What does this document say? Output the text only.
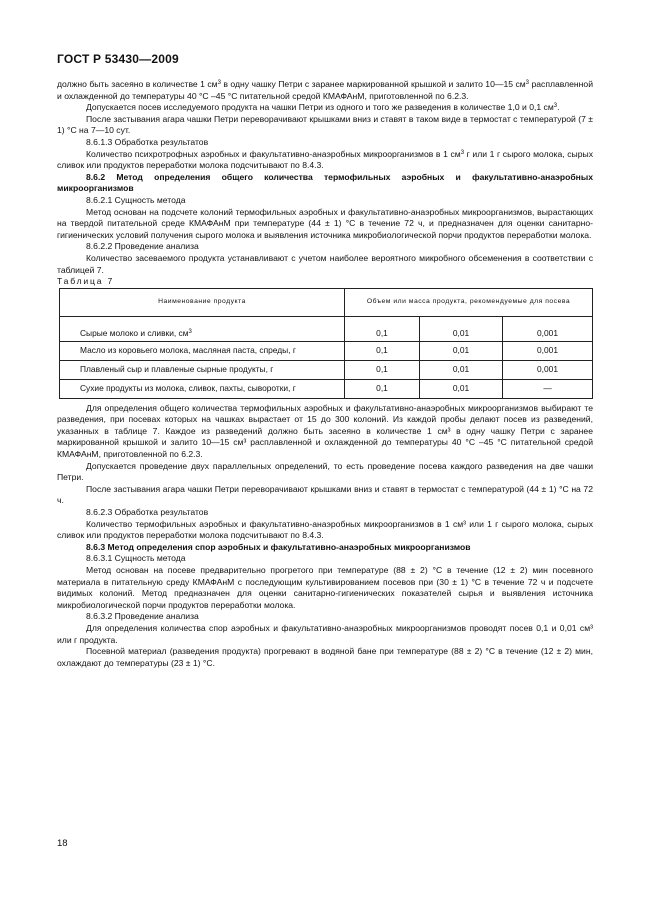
ГОСТ Р 53430—2009

должно быть засеяно в количестве 1 $см^3$ в одну чашку Петри с заранее маркированной крышкой и залито 10—15 $см^3$ расплавленной и охлажденной до температуры 40 °С –45 °С питательной средой КМАФАнМ, приготовленной по 6.2.3.

Допускается посев исследуемого продукта на чашки Петри из одного и того же разведения в количестве 1,0 и 0,1 $см^3$.

После застывания агара чашки Петри переворачивают крышками вниз и ставят в таком виде в термостат с температурой (7 ± 1) °С на 7—10 сут.

8.6.1.3 Обработка результатов

Количество психротрофных аэробных и факультативно-анаэробных микроорганизмов в 1 $см^3$ г или 1 г сырого молока, сырых сливок или продуктов переработки молока подсчитывают по 8.4.3.

8.6.2 Метод определения общего количества термофильных аэробных и факультативно-анаэробных микроорганизмов

8.6.2.1 Сущность метода

Метод основан на подсчете колоний термофильных аэробных и факультативно-анаэробных микроорганизмов, вырастающих на твердой питательной среде КМАФАнМ при температуре (44 ± 1) °С в течение 72 ч, и предназначен для оценки санитарно-гигиенических условий получения сырого молока и выявления источника микробиологической порчи продуктов переработки молока.

8.6.2.2 Проведение анализа

Количество засеваемого продукта устанавливают с учетом наиболее вероятного микробного обсеменения в соответствии с таблицей 7.

Таблица 7

Наименование продукта	Объем или масса продукта, рекомендуемые для посева		
Сырые молоко и сливки, $см^3$	0,1	0,01	0,001
Масло из коровьего молока, масляная паста, спреды, г	0,1	0,01	0,001
Плавленый сыр и плавленые сырные продукты, г	0,1	0,01	0,001
Сухие продукты из молока, сливок, пахты, сыворотки, г	0,1	0,01	—

Для определения общего количества термофильных аэробных и факультативно-анаэробных микроорганизмов выбирают те разведения, при посевах которых на чашках вырастает от 15 до 300 колоний. Из каждой пробы делают посев из разведений, указанных в таблице 7. Каждое из разведений должно быть засеяно в количестве 1 см³ в одну чашку Петри с заранее маркированной крышкой и залито 10—15 см³ расплавленной и охлажденной до температуры 40 °С –45 °С питательной средой КМАФАнМ, приготовленной по 6.2.3.

Допускается проведение двух параллельных определений, то есть проведение посева каждого разведения на две чашки Петри.

После застывания агара чашки Петри переворачивают крышками вниз и ставят в термостат с температурой (44 ± 1) °С на 72 ч.

8.6.2.3 Обработка результатов

Количество термофильных аэробных и факультативно-анаэробных микроорганизмов в 1 см³ или 1 г сырого молока, сырых сливок или продуктов переработки молока подсчитывают по 8.4.3.

8.6.3 Метод определения спор аэробных и факультативно-анаэробных микроорганизмов

8.6.3.1 Сущность метода

Метод основан на посеве предварительно прогретого при температуре (88 ± 2) °С в течение (12 ± 2) мин посевного материала в питательную среду КМАФАнМ с последующим культивированием посевов при (30 ± 1) °С в течение 72 ч и подсчете видимых колоний. Метод предназначен для оценки санитарно-гигиенических показателей сырья и выявления источника микробиологической порчи продуктов переработки молока.

8.6.3.2 Проведение анализа

Для определения количества спор аэробных и факультативно-анаэробных микроорганизмов проводят посев 0,1 и 0,01 см³ или г продукта.

Посевной материал (разведения продукта) прогревают в водяной бане при температуре (88 ± 2) °С в течение (12 ± 2) мин, охлаждают до температуры (23 ± 1) °С.

18
